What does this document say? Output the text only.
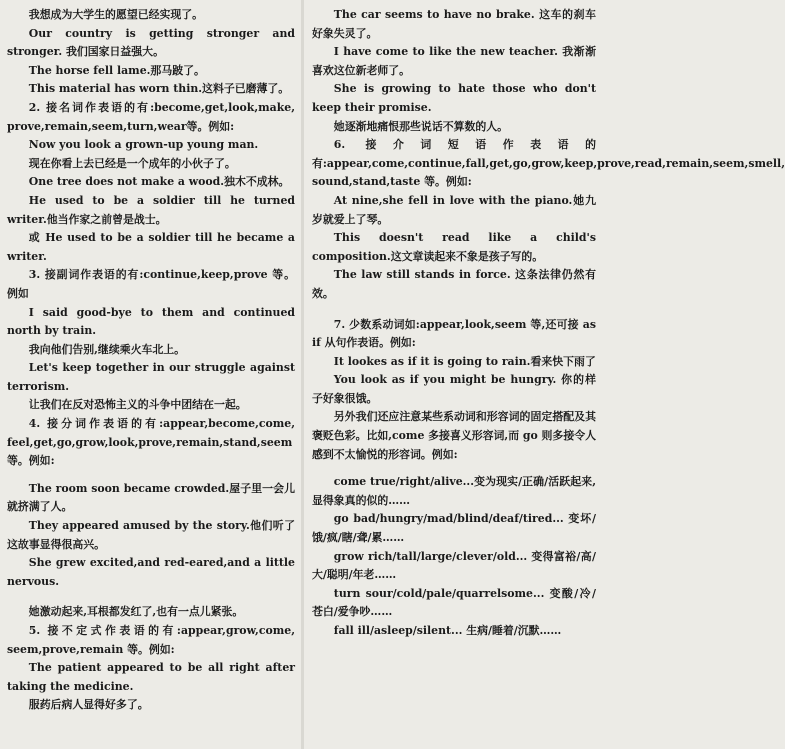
我想成为大学生的愿望已经实现了。

Our country is getting stronger and stronger. 我们国家日益强大。

The horse fell lame.那马跛了。

This material has worn thin.这料子已磨薄了。

2. 接名词作表语的有:become,get,look,make, prove,remain,seem,turn,wear等。例如:

Now you look a grown-up young man.

现在你看上去已经是一个成年的小伙子了。

One tree does not make a wood.独木不成林。

He used to be a soldier till he turned writer.他当作家之前曾是战士。

或 He used to be a soldier till he became a writer.

3. 接副词作表语的有:continue,keep,prove 等。例如

I said good-bye to them and continued north by train.

我向他们告别,继续乘火车北上。

Let's keep together in our struggle against terrorism.

让我们在反对恐怖主义的斗争中团结在一起。

4. 接分词作表语的有:appear,become,come, feel,get,go,grow,look,prove,remain,stand,seem 等。例如:

The room soon became crowded.屋子里一会儿就挤满了人。

They appeared amused by the story.他们听了这故事显得很高兴。

She grew excited,and red-eared,and a little nervous.

她激动起来,耳根都发红了,也有一点儿紧张。

5. 接不定式作表语的有:appear,grow,come, seem,prove,remain 等。例如:

The patient appeared to be all right after taking the medicine.

服药后病人显得好多了。

The car seems to have no brake. 这车的刹车好象失灵了。

I have come to like the new teacher. 我渐渐喜欢这位新老师了。

She is growing to hate those who don't keep their promise.

她逐渐地痛恨那些说话不算数的人。

6. 接介词短语作表语的有:appear,come,continue,fall,get,go,grow,keep,prove,read,remain,seem,smell, sound,stand,taste 等。例如:

At nine,she fell in love with the piano.她九岁就爱上了琴。

This doesn't read like a child's composition.这文章读起来不象是孩子写的。

The law still stands in force. 这条法律仍然有效。

7. 少数系动词如:appear,look,seem 等,还可接 as if 从句作表语。例如:

It lookes as if it is going to rain.看来快下雨了

You look as if you might be hungry. 你的样子好象很饿。

另外我们还应注意某些系动词和形容词的固定搭配及其褒贬色彩。比如,come 多接喜义形容词,而 go 则多接令人感到不太愉悦的形容词。例如:

come true/right/alive...变为现实/正确/活跃起来,显得象真的似的……

go bad/hungry/mad/blind/deaf/tired... 变坏/饿/疯/瞎/聋/累……

grow rich/tall/large/clever/old... 变得富裕/高/大/聪明/年老……

turn sour/cold/pale/quarrelsome... 变酸/冷/苍白/爱争吵……

fall ill/asleep/silent... 生病/睡着/沉默……
